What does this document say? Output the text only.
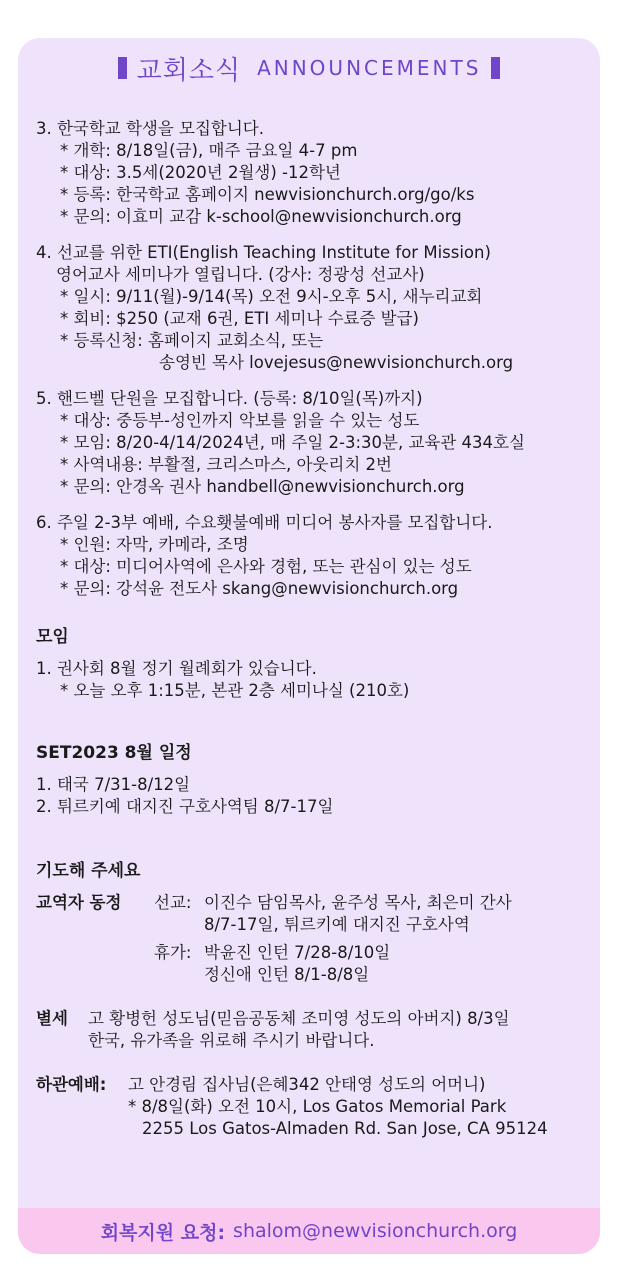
교회소식 ANNOUNCEMENTS
3. 한국학교 학생을 모집합니다.
* 개학: 8/18일(금), 매주 금요일 4-7 pm
* 대상: 3.5세(2020년 2월생) -12학년
* 등록: 한국학교 홈페이지 newvisionchurch.org/go/ks
* 문의: 이효미 교감 k-school@newvisionchurch.org
4. 선교를 위한 ETI(English Teaching Institute for Mission)
영어교사 세미나가 열립니다. (강사: 정광성 선교사)
* 일시: 9/11(월)-9/14(목) 오전 9시-오후 5시, 새누리교회
* 회비: $250 (교재 6권, ETI 세미나 수료증 발급)
* 등록신청: 홈페이지 교회소식, 또는
송영빈 목사 lovejesus@newvisionchurch.org
5. 핸드벨 단원을 모집합니다. (등록: 8/10일(목)까지)
* 대상: 중등부-성인까지 악보를 읽을 수 있는 성도
* 모임: 8/20-4/14/2024년, 매 주일 2-3:30분, 교육관 434호실
* 사역내용: 부활절, 크리스마스, 아웃리치 2번
* 문의: 안경옥 권사 handbell@newvisionchurch.org
6. 주일 2-3부 예배, 수요횃불예배 미디어 봉사자를 모집합니다.
* 인원: 자막, 카메라, 조명
* 대상: 미디어사역에 은사와 경험, 또는 관심이 있는 성도
* 문의: 강석윤 전도사 skang@newvisionchurch.org
모임
1. 권사회 8월 정기 월례회가 있습니다.
* 오늘 오후 1:15분, 본관 2층 세미나실 (210호)
SET2023 8월 일정
1. 태국 7/31-8/12일
2. 튀르키예 대지진 구호사역팀 8/7-17일
기도해 주세요
교역자 동정	선교: 이진수 담임목사, 윤주성 목사, 최은미 간사
8/7-17일, 튀르키예 대지진 구호사역
휴가: 박윤진 인턴 7/28-8/10일
정신애 인턴 8/1-8/8일
별세	고 황병헌 성도님(믿음공동체 조미영 성도의 아버지) 8/3일
한국, 유가족을 위로해 주시기 바랍니다.
하관예배:	고 안경림 집사님(은혜342 안태영 성도의 어머니)
* 8/8일(화) 오전 10시, Los Gatos Memorial Park
2255 Los Gatos-Almaden Rd. San Jose, CA 95124
회복지원 요청: shalom@newvisionchurch.org
